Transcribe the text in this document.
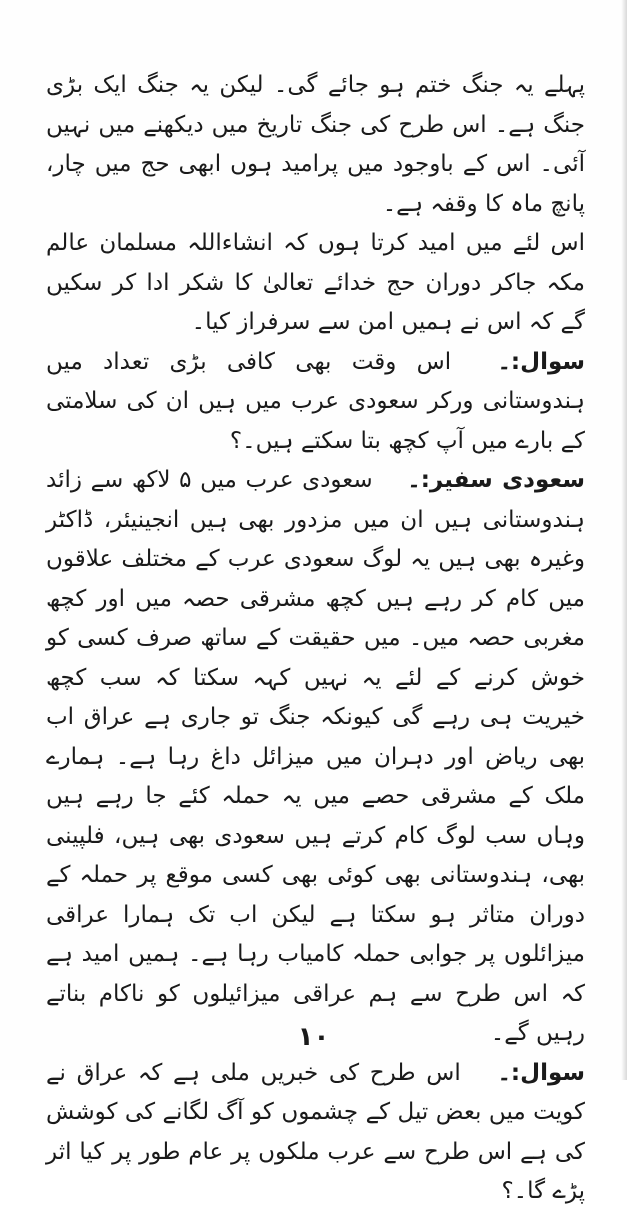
پہلے یہ جنگ ختم ہو جائے گی۔ لیکن یہ جنگ ایک بڑی جنگ ہے۔ اس طرح کی جنگ تاریخ میں دیکھنے میں نہیں آئی۔ اس کے باوجود میں پرامید ہوں ابھی حج میں چار، پانچ ماہ کا وقفہ ہے۔

اس لئے میں امید کرتا ہوں کہ انشاءاللہ مسلمان عالم مکہ جاکر دوران حج خدائے تعالیٰ کا شکر ادا کر سکیں گے کہ اس نے ہمیں امن سے سرفراز کیا۔

سوال:۔ اس وقت بھی کافی بڑی تعداد میں ہندوستانی ورکر سعودی عرب میں ہیں ان کی سلامتی کے بارے میں آپ کچھ بتا سکتے ہیں۔؟

سعودی سفیر:۔ سعودی عرب میں ۵ لاکھ سے زائد ہندوستانی ہیں ان میں مزدور بھی ہیں انجینیئر، ڈاکٹر وغیرہ بھی ہیں یہ لوگ سعودی عرب کے مختلف علاقوں میں کام کر رہے ہیں کچھ مشرقی حصہ میں اور کچھ مغربی حصہ میں۔ میں حقیقت کے ساتھ صرف کسی کو خوش کرنے کے لئے یہ نہیں کہہ سکتا کہ سب کچھ خیریت ہی رہے گی کیونکہ جنگ تو جاری ہے عراق اب بھی ریاض اور دہران میں میزائل داغ رہا ہے۔ ہمارے ملک کے مشرقی حصے میں یہ حملہ کئے جا رہے ہیں وہاں سب لوگ کام کرتے ہیں سعودی بھی ہیں، فلپینی بھی، ہندوستانی بھی کوئی بھی کسی موقع پر حملہ کے دوران متاثر ہو سکتا ہے لیکن اب تک ہمارا عراقی میزائلوں پر جوابی حملہ کامیاب رہا ہے۔ ہمیں امید ہے کہ اس طرح سے ہم عراقی میزائیلوں کو ناکام بناتے رہیں گے۔

سوال:۔ اس طرح کی خبریں ملی ہے کہ عراق نے کویت میں بعض تیل کے چشموں کو آگ لگانے کی کوشش کی ہے اس طرح سے عرب ملکوں پر عام طور پر کیا اثر پڑے گا۔؟

۱۰
